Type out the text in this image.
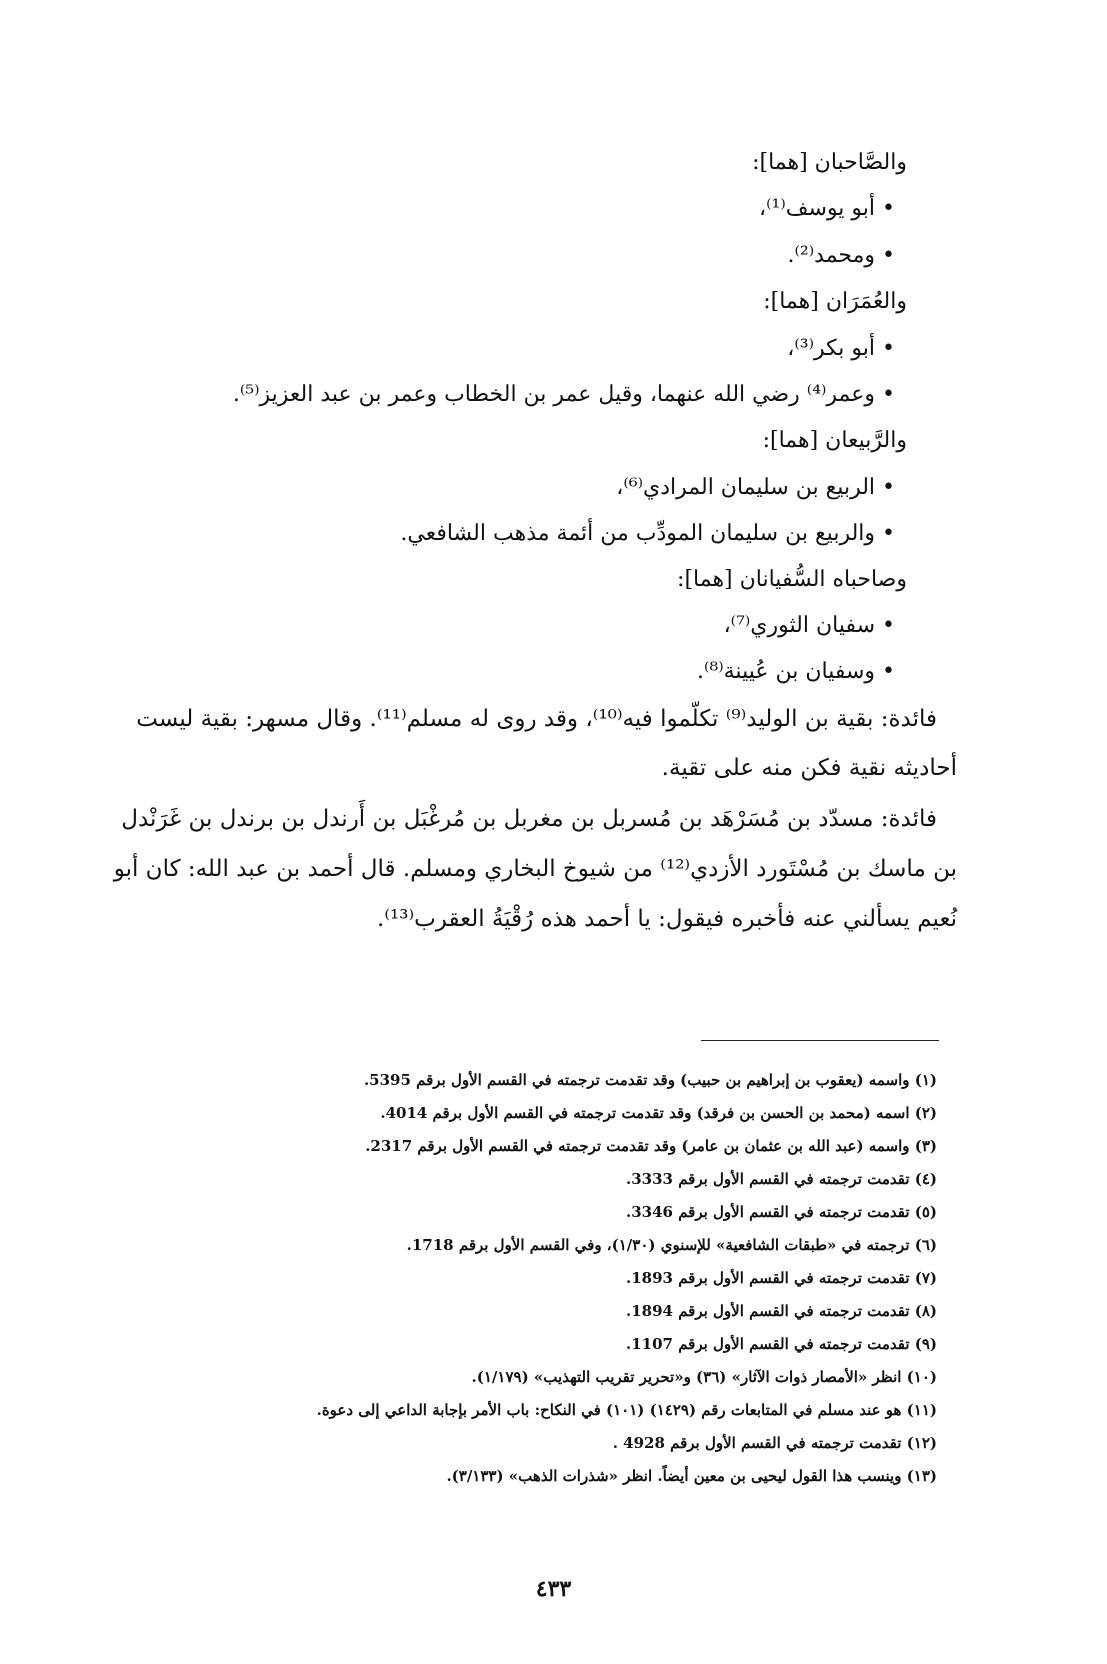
والصَّاحبان [هما]:
• أبو يوسف⁽¹⁾،
• ومحمد⁽²⁾.
والعُمَرَان [هما]:
• أبو بكر⁽³⁾،
• وعمر⁽⁴⁾ رضي الله عنهما، وقيل عمر بن الخطاب وعمر بن عبد العزيز⁽⁵⁾.
والرَّبيعان [هما]:
• الربيع بن سليمان المرادي⁽⁶⁾،
• والربيع بن سليمان المودِّب من أئمة مذهب الشافعي.
وصاحباه السُّفيانان [هما]:
• سفيان الثوري⁽⁷⁾،
• وسفيان بن عُيينة⁽⁸⁾.
فائدة: بقية بن الوليد⁽⁹⁾ تكلّموا فيه⁽¹⁰⁾، وقد روى له مسلم⁽¹¹⁾. وقال مسهر: بقية ليست
أحاديثه نقية فكن منه على تقية.
فائدة: مسدّد بن مُسَرْهَد بن مُسربل بن مغربل بن مُرغْبَل بن أَرندل بن برندل بن غَرَنْدل
بن ماسك بن مُسْتَورد الأزدي⁽¹²⁾ من شيوخ البخاري ومسلم. قال أحمد بن عبد الله: كان أبو
نُعيم يسألني عنه فأخبره فيقول: يا أحمد هذه رُقْيَةُ العقرب⁽¹³⁾.
(١) واسمه (يعقوب بن إبراهيم بن حبيب) وقد تقدمت ترجمته في القسم الأول برقم 5395.
(٢) اسمه (محمد بن الحسن بن فرقد) وقد تقدمت ترجمته في القسم الأول برقم 4014.
(٣) واسمه (عبد الله بن عثمان بن عامر) وقد تقدمت ترجمته في القسم الأول برقم 2317.
(٤) تقدمت ترجمته في القسم الأول برقم 3333.
(٥) تقدمت ترجمته في القسم الأول برقم 3346.
(٦) ترجمته في «طبقات الشافعية» للإسنوي (١/٣٠)، وفي القسم الأول برقم 1718.
(٧) تقدمت ترجمته في القسم الأول برقم 1893.
(٨) تقدمت ترجمته في القسم الأول برقم 1894.
(٩) تقدمت ترجمته في القسم الأول برقم 1107.
(١٠) انظر «الأمصار ذوات الآثار» (٣٦) و«تحرير تقريب التهذيب» (١/١٧٩).
(١١) هو عند مسلم في المتابعات رقم (١٤٢٩) (١٠١) في النكاح: باب الأمر بإجابة الداعي إلى دعوة.
(١٢) تقدمت ترجمته في القسم الأول برقم 4928 .
(١٣) وينسب هذا القول ليحيى بن معين أيضاً. انظر «شذرات الذهب» (٣/١٣٣).
٤٣٣
